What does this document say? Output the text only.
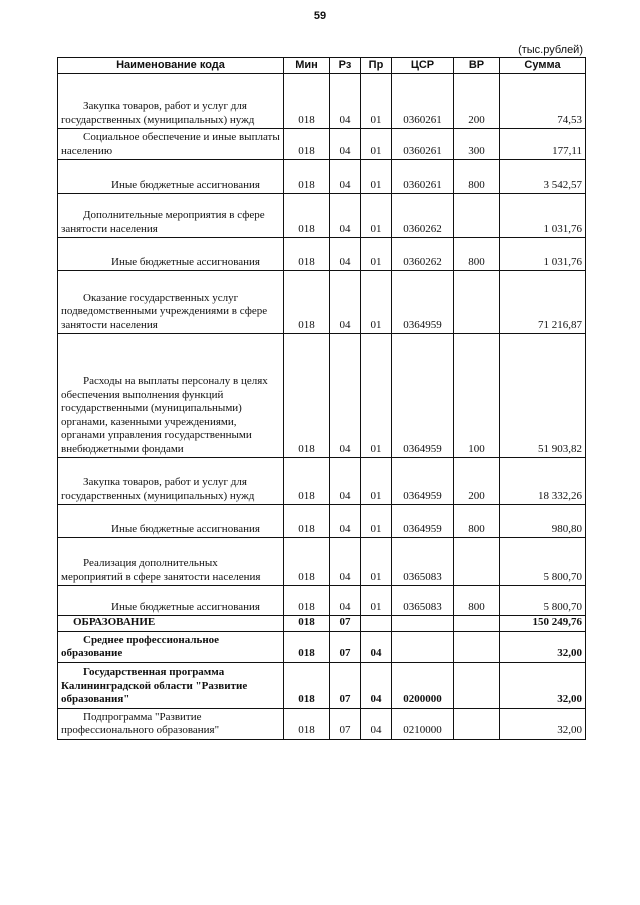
59
(тыс.рублей)
Наименование кода	Мин	Рз	Пр	ЦСР	ВР	Сумма

Закупка товаров, работ и услуг для государственных (муниципальных) нужд	018	04	01	0360261	200	74,53

Социальное обеспечение и иные выплаты населению	018	04	01	0360261	300	177,11

Иные бюджетные ассигнования	018	04	01	0360261	800	3 542,57

Дополнительные мероприятия в сфере занятости населения	018	04	01	0360262		1 031,76

Иные бюджетные ассигнования	018	04	01	0360262	800	1 031,76

Оказание государственных услуг подведомственными учреждениями в сфере занятости населения	018	04	01	0364959		71 216,87

Расходы на выплаты персоналу в целях обеспечения выполнения функций государственными (муниципальными) органами, казенными учреждениями, органами управления государственными внебюджетными фондами	018	04	01	0364959	100	51 903,82

Закупка товаров, работ и услуг для государственных (муниципальных) нужд	018	04	01	0364959	200	18 332,26

Иные бюджетные ассигнования	018	04	01	0364959	800	980,80

Реализация дополнительных мероприятий в сфере занятости населения	018	04	01	0365083		5 800,70

Иные бюджетные ассигнования	018	04	01	0365083	800	5 800,70

ОБРАЗОВАНИЕ	018	07				150 249,76

Среднее профессиональное образование	018	07	04			32,00

Государственная программа Калининградской области "Развитие образования"	018	07	04	0200000		32,00

Подпрограмма "Развитие профессионального образования"	018	07	04	0210000		32,00
